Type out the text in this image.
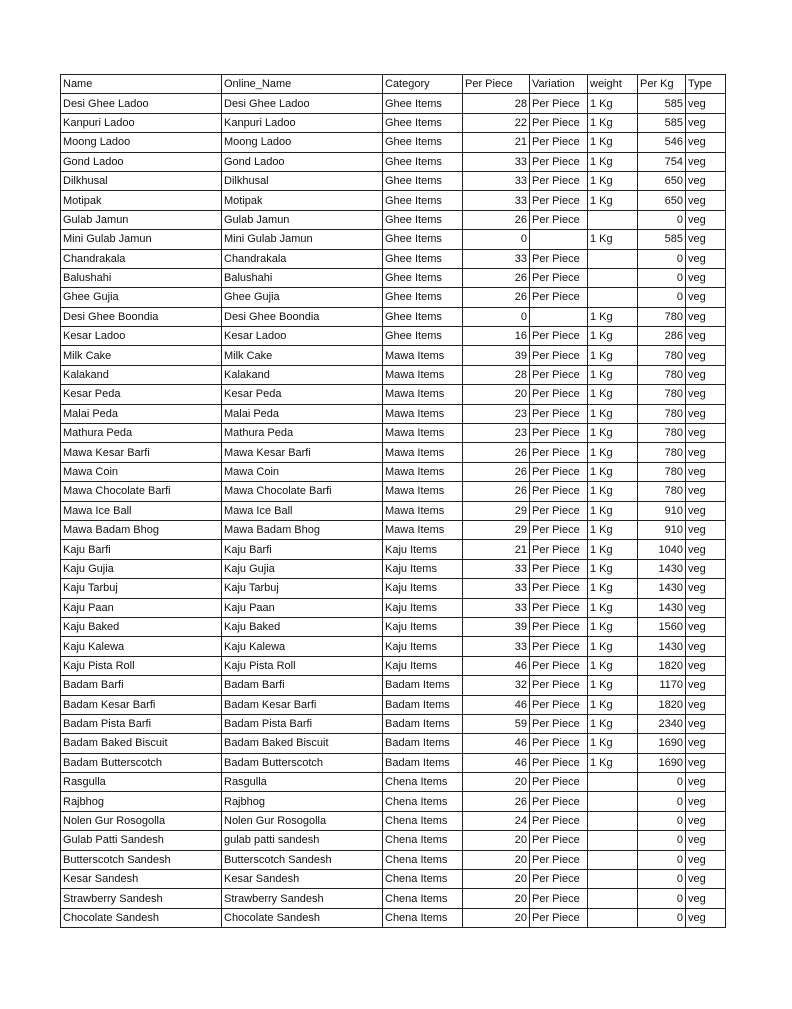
Name	Online_Name	Category	Per Piece	Variation	weight	Per Kg	Type
Desi Ghee Ladoo	Desi Ghee Ladoo	Ghee Items	28	Per Piece	1 Kg	585	veg
Kanpuri Ladoo	Kanpuri Ladoo	Ghee Items	22	Per Piece	1 Kg	585	veg
Moong Ladoo	Moong Ladoo	Ghee Items	21	Per Piece	1 Kg	546	veg
Gond Ladoo	Gond Ladoo	Ghee Items	33	Per Piece	1 Kg	754	veg
Dilkhusal	Dilkhusal	Ghee Items	33	Per Piece	1 Kg	650	veg
Motipak	Motipak	Ghee Items	33	Per Piece	1 Kg	650	veg
Gulab Jamun	Gulab Jamun	Ghee Items	26	Per Piece		0	veg
Mini Gulab Jamun	Mini Gulab Jamun	Ghee Items	0		1 Kg	585	veg
Chandrakala	Chandrakala	Ghee Items	33	Per Piece		0	veg
Balushahi	Balushahi	Ghee Items	26	Per Piece		0	veg
Ghee Gujia	Ghee Gujia	Ghee Items	26	Per Piece		0	veg
Desi Ghee Boondia	Desi Ghee Boondia	Ghee Items	0		1 Kg	780	veg
Kesar Ladoo	Kesar Ladoo	Ghee Items	16	Per Piece	1 Kg	286	veg
Milk Cake	Milk Cake	Mawa Items	39	Per Piece	1 Kg	780	veg
Kalakand	Kalakand	Mawa Items	28	Per Piece	1 Kg	780	veg
Kesar Peda	Kesar Peda	Mawa Items	20	Per Piece	1 Kg	780	veg
Malai Peda	Malai Peda	Mawa Items	23	Per Piece	1 Kg	780	veg
Mathura Peda	Mathura Peda	Mawa Items	23	Per Piece	1 Kg	780	veg
Mawa Kesar Barfi	Mawa Kesar Barfi	Mawa Items	26	Per Piece	1 Kg	780	veg
Mawa Coin	Mawa Coin	Mawa Items	26	Per Piece	1 Kg	780	veg
Mawa Chocolate Barfi	Mawa Chocolate Barfi	Mawa Items	26	Per Piece	1 Kg	780	veg
Mawa Ice Ball	Mawa Ice Ball	Mawa Items	29	Per Piece	1 Kg	910	veg
Mawa Badam Bhog	Mawa Badam Bhog	Mawa Items	29	Per Piece	1 Kg	910	veg
Kaju Barfi	Kaju Barfi	Kaju Items	21	Per Piece	1 Kg	1040	veg
Kaju Gujia	Kaju Gujia	Kaju Items	33	Per Piece	1 Kg	1430	veg
Kaju Tarbuj	Kaju Tarbuj	Kaju Items	33	Per Piece	1 Kg	1430	veg
Kaju Paan	Kaju Paan	Kaju Items	33	Per Piece	1 Kg	1430	veg
Kaju Baked	Kaju Baked	Kaju Items	39	Per Piece	1 Kg	1560	veg
Kaju Kalewa	Kaju Kalewa	Kaju Items	33	Per Piece	1 Kg	1430	veg
Kaju Pista Roll	Kaju Pista Roll	Kaju Items	46	Per Piece	1 Kg	1820	veg
Badam Barfi	Badam Barfi	Badam Items	32	Per Piece	1 Kg	1170	veg
Badam Kesar Barfi	Badam Kesar Barfi	Badam Items	46	Per Piece	1 Kg	1820	veg
Badam Pista Barfi	Badam Pista Barfi	Badam Items	59	Per Piece	1 Kg	2340	veg
Badam Baked Biscuit	Badam Baked Biscuit	Badam Items	46	Per Piece	1 Kg	1690	veg
Badam Butterscotch	Badam Butterscotch	Badam Items	46	Per Piece	1 Kg	1690	veg
Rasgulla	Rasgulla	Chena Items	20	Per Piece		0	veg
Rajbhog	Rajbhog	Chena Items	26	Per Piece		0	veg
Nolen Gur Rosogolla	Nolen Gur Rosogolla	Chena Items	24	Per Piece		0	veg
Gulab Patti Sandesh	gulab patti sandesh	Chena Items	20	Per Piece		0	veg
Butterscotch Sandesh	Butterscotch Sandesh	Chena Items	20	Per Piece		0	veg
Kesar Sandesh	Kesar Sandesh	Chena Items	20	Per Piece		0	veg
Strawberry Sandesh	Strawberry Sandesh	Chena Items	20	Per Piece		0	veg
Chocolate Sandesh	Chocolate Sandesh	Chena Items	20	Per Piece		0	veg
